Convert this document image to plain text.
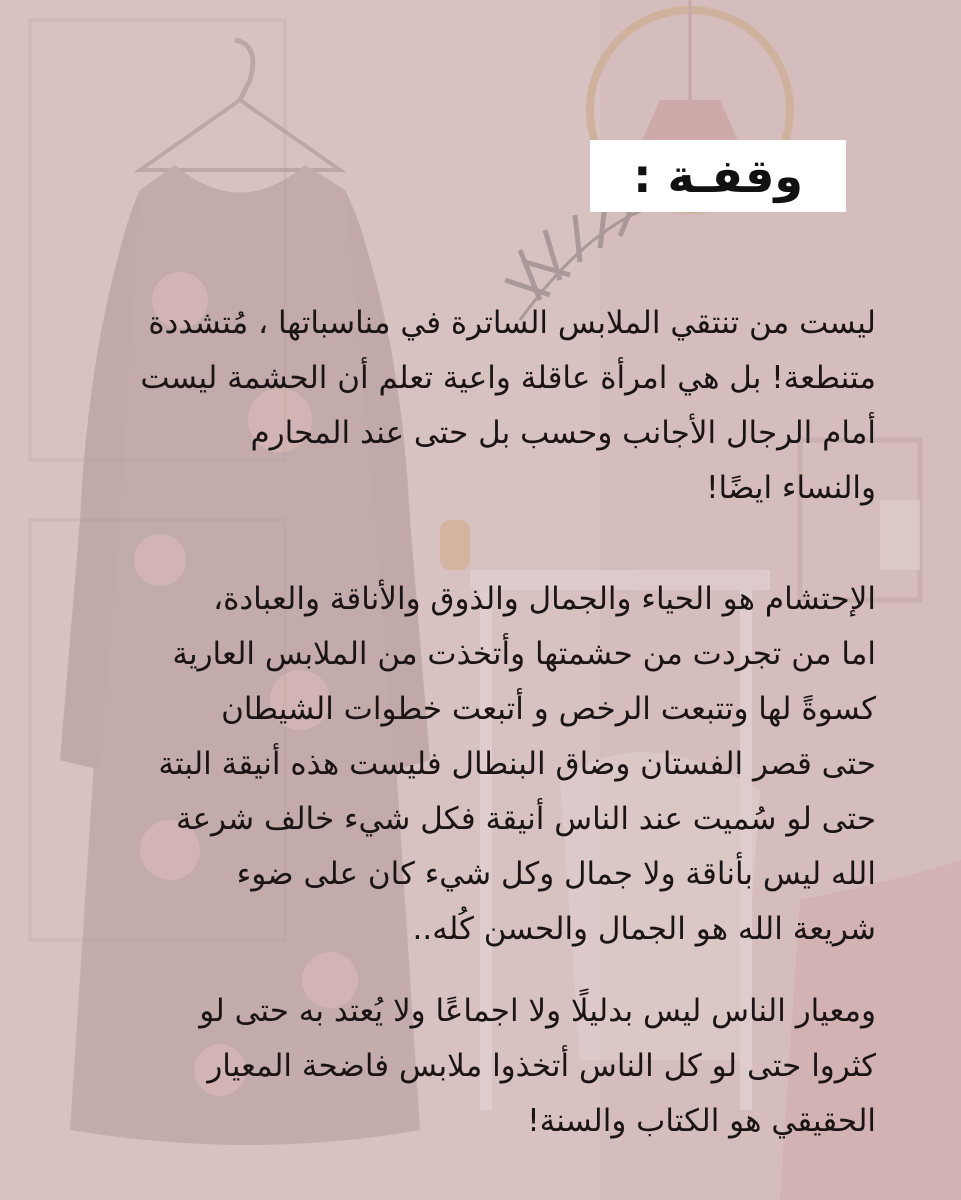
وقفـة :
ليست من تنتقي الملابس الساترة في مناسباتها ، مُتشددة
متنطعة! بل هي امرأة عاقلة واعية تعلم أن الحشمة ليست
أمام الرجال الأجانب وحسب بل حتى عند المحارم
والنساء ايضًا!
الإحتشام هو الحياء والجمال والذوق والأناقة والعبادة،
اما من تجردت من حشمتها وأتخذت من الملابس العارية
كسوةً لها وتتبعت الرخص و أتبعت خطوات الشيطان
حتى قصر الفستان وضاق البنطال فليست هذه أنيقة البتة
حتى لو سُميت عند الناس أنيقة فكل شيء خالف شرعة
الله ليس بأناقة ولا جمال وكل شيء كان على ضوء
شريعة الله هو الجمال والحسن كُله..
ومعيار الناس ليس بدليلًا ولا اجماعًا ولا يُعتد به حتى لو
كثروا حتى لو كل الناس أتخذوا ملابس فاضحة المعيار
الحقيقي هو الكتاب والسنة!
